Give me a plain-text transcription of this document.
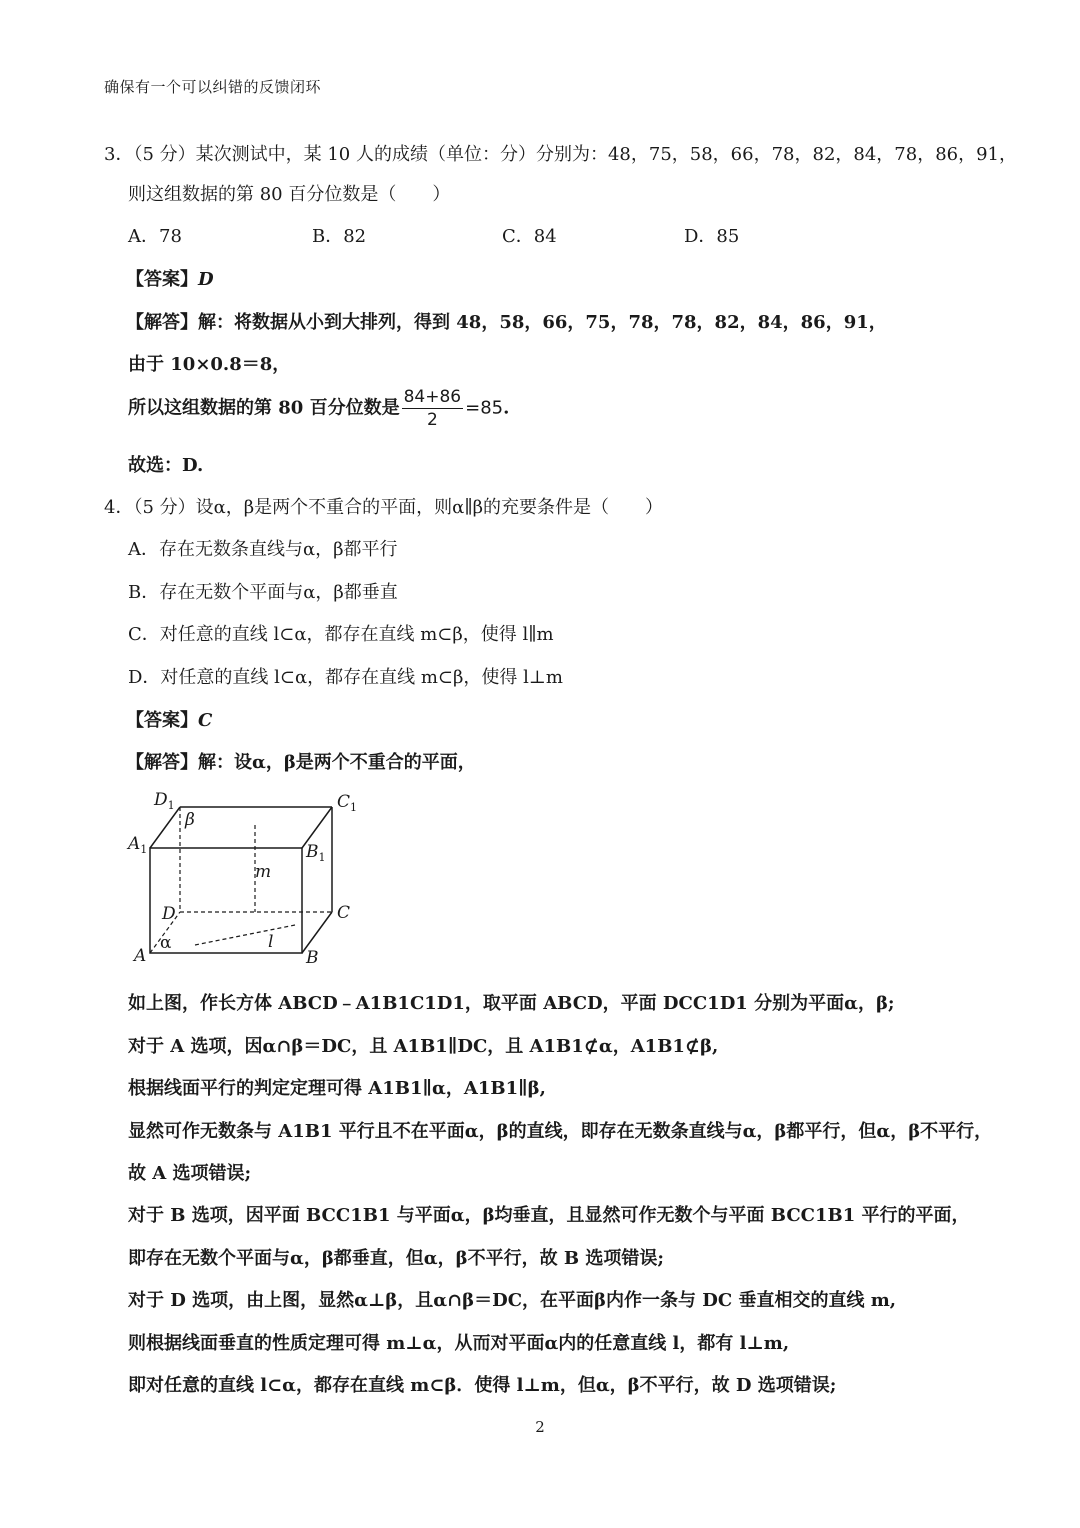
确保有一个可以纠错的反馈闭环
3．（5 分）某次测试中，某 10 人的成绩（单位：分）分别为：48，75，58，66，78，82，84，78，86，91，
则这组数据的第 80 百分位数是（　　）
A．78	B．82	C．84	D．85
【答案】D
【解答】解：将数据从小到大排列，得到 48，58，66，75，78，78，82，84，86，91，
由于 10×0.8＝8，
所以这组数据的第 80 百分位数是 $\frac{84+86}{2} =85$.
故选：D.
4．（5 分）设α，β是两个不重合的平面，则α∥β的充要条件是（　　）
A．存在无数条直线与α，β都平行
B．存在无数个平面与α，β都垂直
C．对任意的直线 l⊂α，都存在直线 m⊂β，使得 l∥m
D．对任意的直线 l⊂α，都存在直线 m⊂β，使得 l⊥m
【答案】C
【解答】解：设α，β是两个不重合的平面，
$D_1$	$C_1$
$A_1$	$B_1$
D	C
A	B
β
α
m
l
如上图，作长方体 ABCD﹣A1B1C1D1，取平面 ABCD，平面 DCC1D1 分别为平面α，β;
对于 A 选项，因α∩β＝DC，且 A1B1∥DC，且 A1B1⊄α，A1B1⊄β,
根据线面平行的判定定理可得 A1B1∥α，A1B1∥β,
显然可作无数条与 A1B1 平行且不在平面α，β的直线，即存在无数条直线与α，β都平行，但α，β不平行，
故 A 选项错误;
对于 B 选项，因平面 BCC1B1 与平面α，β均垂直，且显然可作无数个与平面 BCC1B1 平行的平面，
即存在无数个平面与α，β都垂直，但α，β不平行，故 B 选项错误;
对于 D 选项，由上图，显然α⊥β，且α∩β＝DC，在平面β内作一条与 DC 垂直相交的直线 m,
则根据线面垂直的性质定理可得 m⊥α，从而对平面α内的任意直线 l，都有 l⊥m,
即对任意的直线 l⊂α，都存在直线 m⊂β．使得 l⊥m，但α，β不平行，故 D 选项错误;
2
